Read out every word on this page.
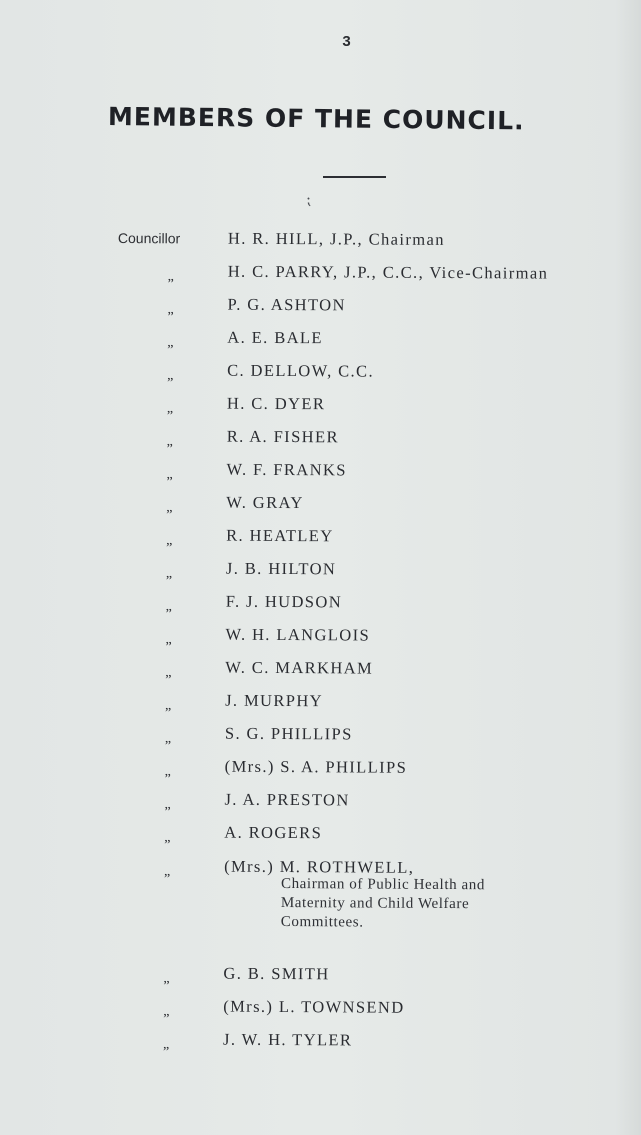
3
MEMBERS OF THE COUNCIL.
⁏
Councillor	H. R. HILL, J.P., Chairman
„	H. C. PARRY, J.P., C.C., Vice-Chairman
„	P. G. ASHTON
„	A. E. BALE
„	C. DELLOW, C.C.
„	H. C. DYER
„	R. A. FISHER
„	W. F. FRANKS
„	W. GRAY
„	R. HEATLEY
„	J. B. HILTON
„	F. J. HUDSON
„	W. H. LANGLOIS
„	W. C. MARKHAM
„	J. MURPHY
„	S. G. PHILLIPS
„	(Mrs.) S. A. PHILLIPS
„	J. A. PRESTON
„	A. ROGERS
„	(Mrs.) M. ROTHWELL,
Chairman of Public Health and
Maternity and Child Welfare
Committees.
„	G. B. SMITH
„	(Mrs.) L. TOWNSEND
„	J. W. H. TYLER
